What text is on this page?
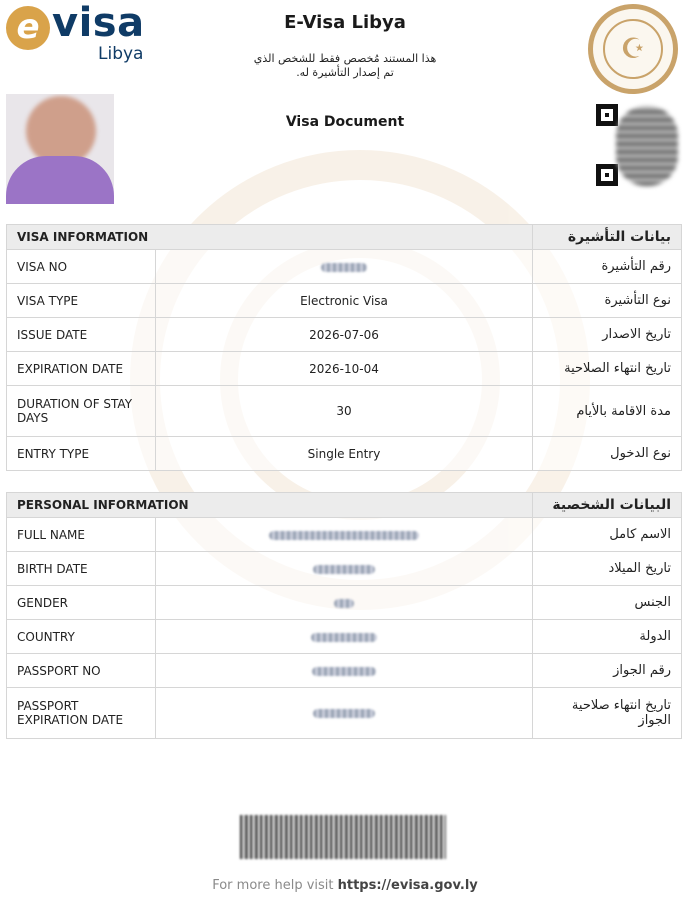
e visa
Libya
E-Visa Libya
هذا المستند مُخصص فقط للشخص الذي
تم إصدار التأشيرة له.
☪
Visa Document
VISA INFORMATION		بيانات التأشيرة
VISA NO		رقم التأشيرة
VISA TYPE	Electronic Visa	نوع التأشيرة
ISSUE DATE	2026-07-06	تاريخ الاصدار
EXPIRATION DATE	2026-10-04	تاريخ انتهاء الصلاحية
DURATION OF STAY DAYS	30	مدة الاقامة بالأيام
ENTRY TYPE	Single Entry	نوع الدخول
PERSONAL INFORMATION		البيانات الشخصية
FULL NAME		الاسم كامل
BIRTH DATE		تاريخ الميلاد
GENDER		الجنس
COUNTRY		الدولة
PASSPORT NO		رقم الجواز
PASSPORT EXPIRATION DATE		تاريخ انتهاء صلاحية الجواز
For more help visit https://evisa.gov.ly
